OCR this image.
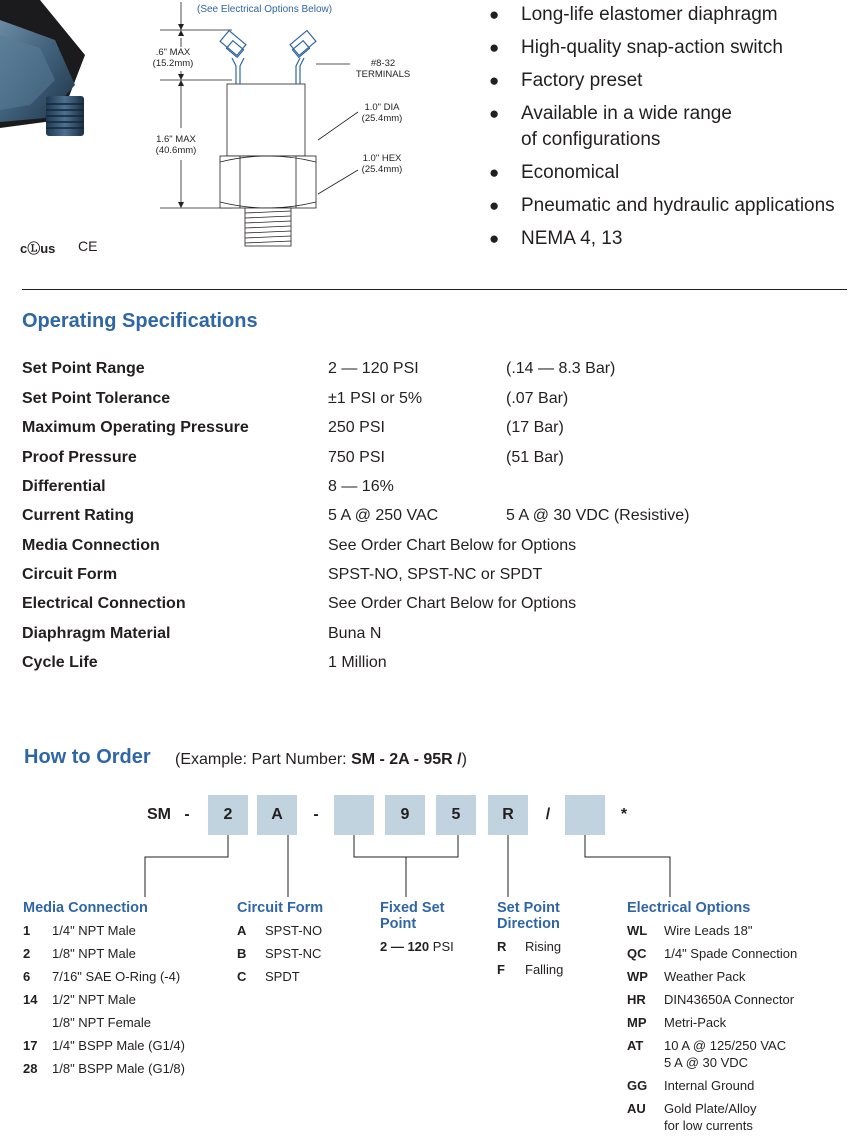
(See Electrical Options Below)
.6" MAX
(15.2mm)	#8-32
TERMINALS
1.0" DIA
(25.4mm)
1.6" MAX
(40.6mm)
1.0" HEX
(25.4mm)
cⓁus CE
● Long-life elastomer diaphragm
● High-quality snap-action switch
● Factory preset
● Available in a wide range
of configurations
● Economical
● Pneumatic and hydraulic applications
● NEMA 4, 13
Operating Specifications
Set Point Range	2 — 120 PSI	(.14 — 8.3 Bar)
Set Point Tolerance	±1 PSI or 5%	(.07 Bar)
Maximum Operating Pressure	250 PSI	(17 Bar)
Proof Pressure	750 PSI	(51 Bar)
Differential	8 — 16%
Current Rating	5 A @ 250 VAC	5 A @ 30 VDC (Resistive)
Media Connection	See Order Chart Below for Options
Circuit Form	SPST-NO, SPST-NC or SPDT
Electrical Connection	See Order Chart Below for Options
Diaphragm Material	Buna N
Cycle Life	1 Million
How to Order (Example: Part Number: SM - 2A - 95R /)
SM -	2	A	-	9	5	R	/	*
Media Connection
1 1/4" NPT Male
2 1/8" NPT Male
6 7/16" SAE O-Ring (-4)
14 1/2" NPT Male
1/8" NPT Female
17 1/4" BSPP Male (G1/4)
28 1/8" BSPP Male (G1/8)
Circuit Form
A SPST-NO
B SPST-NC
C SPDT
Fixed Set
Point
2 — 120 PSI
Set Point
Direction
R Rising
F Falling
Electrical Options
WL Wire Leads 18"
QC 1/4" Spade Connection
WP Weather Pack
HR DIN43650A Connector
MP Metri-Pack
AT 10 A @ 125/250 VAC
5 A @ 30 VDC
GG Internal Ground
AU Gold Plate/Alloy
for low currents
